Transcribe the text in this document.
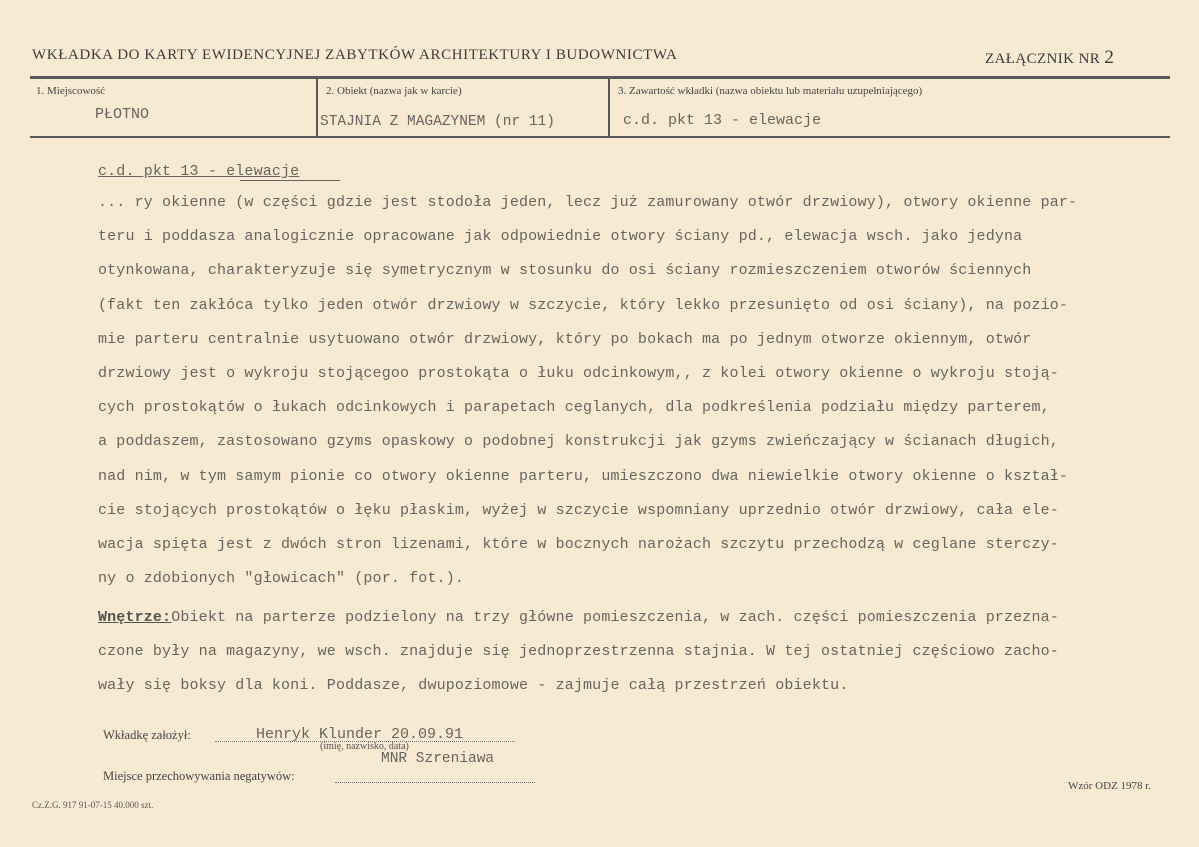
WKŁADKA DO KARTY EWIDENCYJNEJ ZABYTKÓW ARCHITEKTURY I BUDOWNICTWA	ZAŁĄCZNIK NR 2
1. Miejscowość
PŁOTNO
2. Obiekt (nazwa jak w karcie)
STAJNIA Z MAGAZYNEM (nr 11)
3. Zawartość wkładki (nazwa obiektu lub materiału uzupełniającego)
c.d. pkt 13 - elewacje
c.d. pkt 13 - elewacje
... ry okienne (w części gdzie jest stodoła jeden, lecz już zamurowany otwór drzwiowy), otwory okienne par-
teru i poddasza analogicznie opracowane jak odpowiednie otwory ściany pd., elewacja wsch. jako jedyna
otynkowana, charakteryzuje się symetrycznym w stosunku do osi ściany rozmieszczeniem otworów ściennych
(fakt ten zakłóca tylko jeden otwór drzwiowy w szczycie, który lekko przesunięto od osi ściany), na pozio-
mie parteru centralnie usytuowano otwór drzwiowy, który po bokach ma po jednym otworze okiennym, otwór
drzwiowy jest o wykroju stojącegoo prostokąta o łuku odcinkowym,, z kolei otwory okienne o wykroju stoją-
cych prostokątów o łukach odcinkowych i parapetach ceglanych, dla podkreślenia podziału między parterem,
a poddaszem, zastosowano gzyms opaskowy o podobnej konstrukcji jak gzyms zwieńczający w ścianach długich,
nad nim, w tym samym pionie co otwory okienne parteru, umieszczono dwa niewielkie otwory okienne o kształ-
cie stojących prostokątów o łęku płaskim, wyżej w szczycie wspomniany uprzednio otwór drzwiowy, cała ele-
wacja spięta jest z dwóch stron lizenami, które w bocznych narożach szczytu przechodzą w ceglane sterczy-
ny o zdobionych "głowicach" (por. fot.).
Wnętrze:Obiekt na parterze podzielony na trzy główne pomieszczenia, w zach. części pomieszczenia przezna-
czone były na magazyny, we wsch. znajduje się jednoprzestrzenna stajnia. W tej ostatniej częściowo zacho-
wały się boksy dla koni. Poddasze, dwupoziomowe - zajmuje całą przestrzeń obiektu.
Wkładkę założył:	Henryk Klunder 20.09.91
(imię, nazwisko, data)
MNR Szreniawa
Miejsce przechowywania negatywów:
Wzór ODZ 1978 r.
Cz.Z.G. 917 91-07-15 40.000 szt.
